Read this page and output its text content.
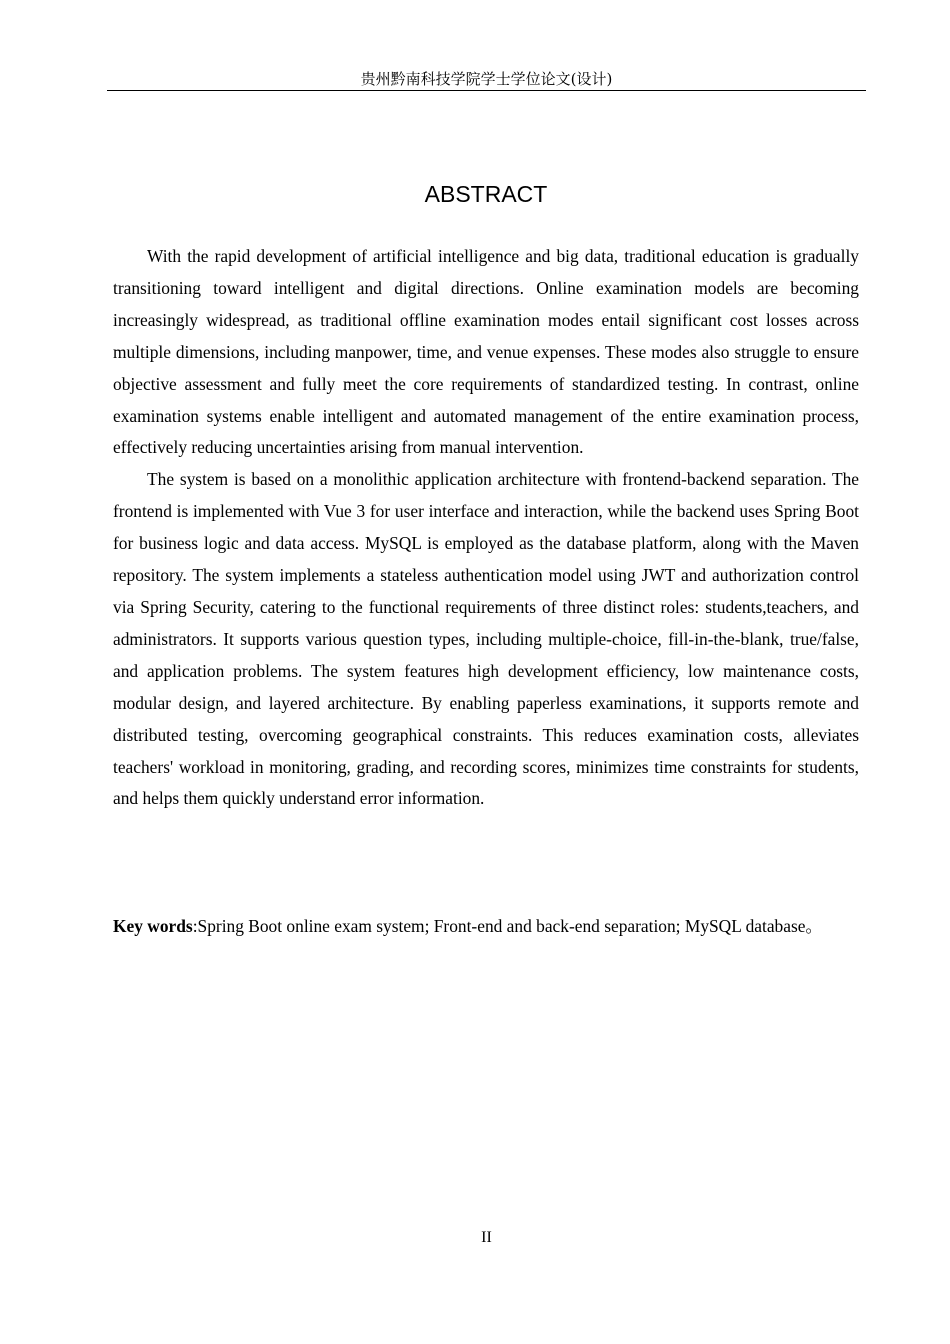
贵州黔南科技学院学士学位论文(设计)
ABSTRACT

With the rapid development of artificial intelligence and big data, traditional education is gradually transitioning toward intelligent and digital directions. Online examination models are becoming increasingly widespread, as traditional offline examination modes entail significant cost losses across multiple dimensions, including manpower, time, and venue expenses. These modes also struggle to ensure objective assessment and fully meet the core requirements of standardized testing. In contrast, online examination systems enable intelligent and automated management of the entire examination process, effectively reducing uncertainties arising from manual intervention.

The system is based on a monolithic application architecture with frontend-backend separation. The frontend is implemented with Vue 3 for user interface and interaction, while the backend uses Spring Boot for business logic and data access. MySQL is employed as the database platform, along with the Maven repository. The system implements a stateless authentication model using JWT and authorization control via Spring Security, catering to the functional requirements of three distinct roles: students,teachers, and administrators. It supports various question types, including multiple-choice, fill-in-the-blank, true/false, and application problems. The system features high development efficiency, low maintenance costs, modular design, and layered architecture. By enabling paperless examinations, it supports remote and distributed testing, overcoming geographical constraints. This reduces examination costs, alleviates teachers' workload in monitoring, grading, and recording scores, minimizes time constraints for students, and helps them quickly understand error information.

Key words:Spring Boot online exam system; Front-end and back-end separation; MySQL database。

II
